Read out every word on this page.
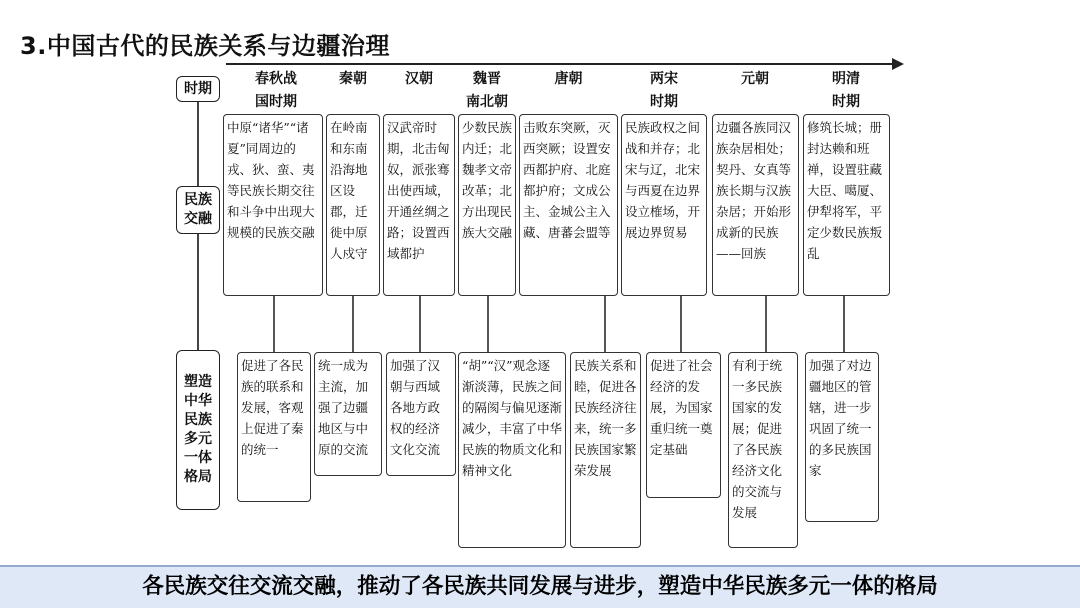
3.中国古代的民族关系与边疆治理
时期
民族
交融
塑造
中华
民族
多元
一体
格局
春秋战
国时期
秦朝	汉朝	魏晋
南北朝
唐朝	两宋
时期
元朝	明清
时期
中原“诸华”“诸夏”同周边的戎、狄、蛮、夷等民族长期交往和斗争中出现大规模的民族交融
在岭南和东南沿海地区设郡，迁徙中原人戍守
汉武帝时期，北击匈奴，派张骞出使西域，开通丝绸之路；设置西域都护
少数民族内迁；北魏孝文帝改革；北方出现民族大交融
击败东突厥，灭西突厥；设置安西都护府、北庭都护府；文成公主、金城公主入藏、唐蕃会盟等
民族政权之间战和并存；北宋与辽，北宋与西夏在边界设立榷场，开展边界贸易
边疆各族同汉族杂居相处；契丹、女真等族长期与汉族杂居；开始形成新的民族——回族
修筑长城；册封达赖和班禅，设置驻藏大臣、噶厦、伊犁将军，平定少数民族叛乱
促进了各民族的联系和发展，客观上促进了秦的统一
统一成为主流，加强了边疆地区与中原的交流
加强了汉朝与西域各地方政权的经济文化交流
“胡”“汉”观念逐渐淡薄，民族之间的隔阂与偏见逐渐减少，丰富了中华民族的物质文化和精神文化
民族关系和睦，促进各民族经济往来，统一多民族国家繁荣发展
促进了社会经济的发展，为国家重归统一奠定基础
有利于统一多民族国家的发展；促进了各民族经济文化的交流与发展
加强了对边疆地区的管辖，进一步巩固了统一的多民族国家
各民族交往交流交融，推动了各民族共同发展与进步，塑造中华民族多元一体的格局
